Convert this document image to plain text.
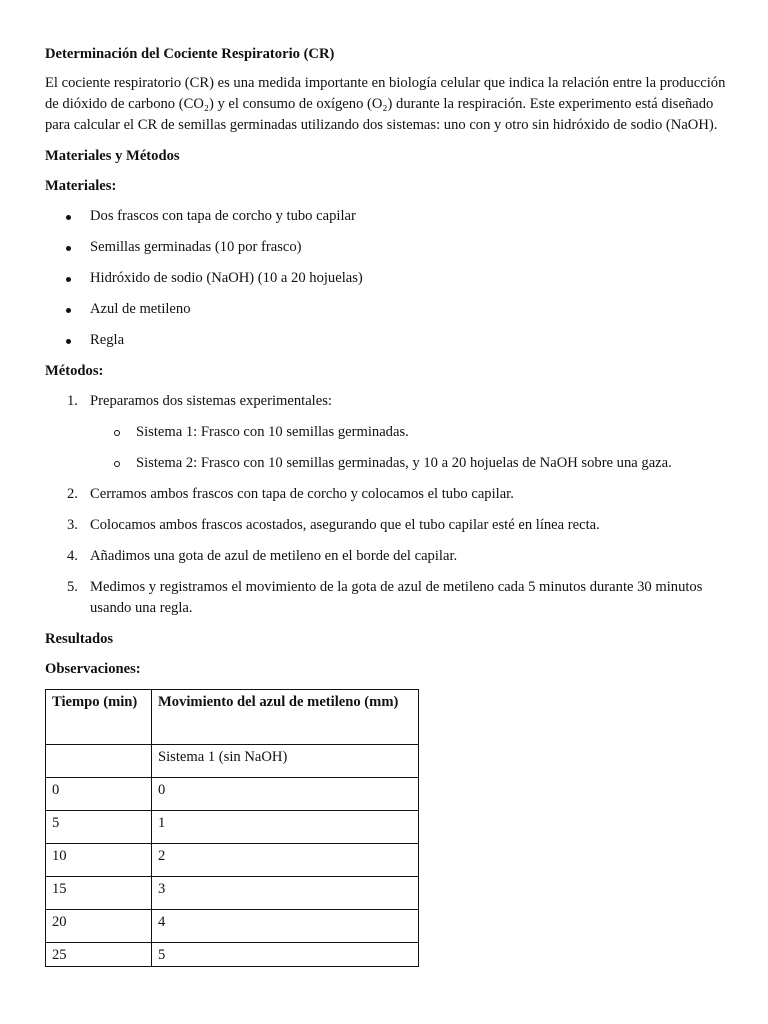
Determinación del Cociente Respiratorio (CR)

El cociente respiratorio (CR) es una medida importante en biología celular que indica la relación entre la producción de dióxido de carbono (CO₂) y el consumo de oxígeno (O₂) durante la respiración. Este experimento está diseñado para calcular el CR de semillas germinadas utilizando dos sistemas: uno con y otro sin hidróxido de sodio (NaOH).

Materiales y Métodos
Materiales:
Dos frascos con tapa de corcho y tubo capilar
Semillas germinadas (10 por frasco)
Hidróxido de sodio (NaOH) (10 a 20 hojuelas)
Azul de metileno
Regla
Métodos:
1. Preparamos dos sistemas experimentales:
Sistema 1: Frasco con 10 semillas germinadas.
Sistema 2: Frasco con 10 semillas germinadas, y 10 a 20 hojuelas de NaOH sobre una gaza.
2. Cerramos ambos frascos con tapa de corcho y colocamos el tubo capilar.
3. Colocamos ambos frascos acostados, asegurando que el tubo capilar esté en línea recta.
4. Añadimos una gota de azul de metileno en el borde del capilar.
5. Medimos y registramos el movimiento de la gota de azul de metileno cada 5 minutos durante 30 minutos usando una regla.
Resultados
Observaciones:
Tiempo (min)	Movimiento del azul de metileno (mm)
	Sistema 1 (sin NaOH)
0	0
5	1
10	2
15	3
20	4
25	5
